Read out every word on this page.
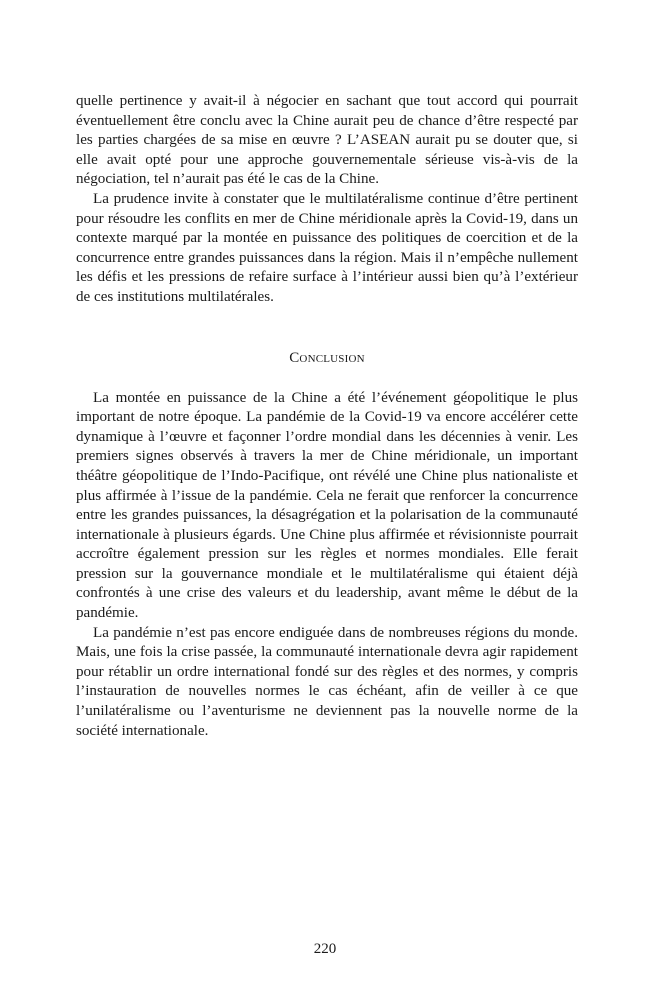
quelle pertinence y avait-il à négocier en sachant que tout accord qui pourrait éventuellement être conclu avec la Chine aurait peu de chance d’être respecté par les parties chargées de sa mise en œuvre ? L’ASEAN aurait pu se douter que, si elle avait opté pour une approche gouvernementale sérieuse vis-à-vis de la négociation, tel n’aurait pas été le cas de la Chine.

La prudence invite à constater que le multilatéralisme continue d’être pertinent pour résoudre les conflits en mer de Chine méridionale après la Covid-19, dans un contexte marqué par la montée en puissance des politiques de coercition et de la concurrence entre grandes puissances dans la région. Mais il n’empêche nullement les défis et les pressions de refaire surface à l’intérieur aussi bien qu’à l’extérieur de ces institutions multilatérales.

Conclusion

La montée en puissance de la Chine a été l’événement géopolitique le plus important de notre époque. La pandémie de la Covid-19 va encore accélérer cette dynamique à l’œuvre et façonner l’ordre mondial dans les décennies à venir. Les premiers signes observés à travers la mer de Chine méridionale, un important théâtre géopolitique de l’Indo-Pacifique, ont révélé une Chine plus nationaliste et plus affirmée à l’issue de la pandémie. Cela ne ferait que renforcer la concurrence entre les grandes puissances, la désagrégation et la polarisation de la communauté internationale à plusieurs égards. Une Chine plus affirmée et révisionniste pourrait accroître également pression sur les règles et normes mondiales. Elle ferait pression sur la gouvernance mondiale et le multilatéralisme qui étaient déjà confrontés à une crise des valeurs et du leadership, avant même le début de la pandémie.

La pandémie n’est pas encore endiguée dans de nombreuses régions du monde. Mais, une fois la crise passée, la communauté internationale devra agir rapidement pour rétablir un ordre international fondé sur des règles et des normes, y compris l’instauration de nouvelles normes le cas échéant, afin de veiller à ce que l’unilatéralisme ou l’aventurisme ne deviennent pas la nouvelle norme de la société internationale.

220
